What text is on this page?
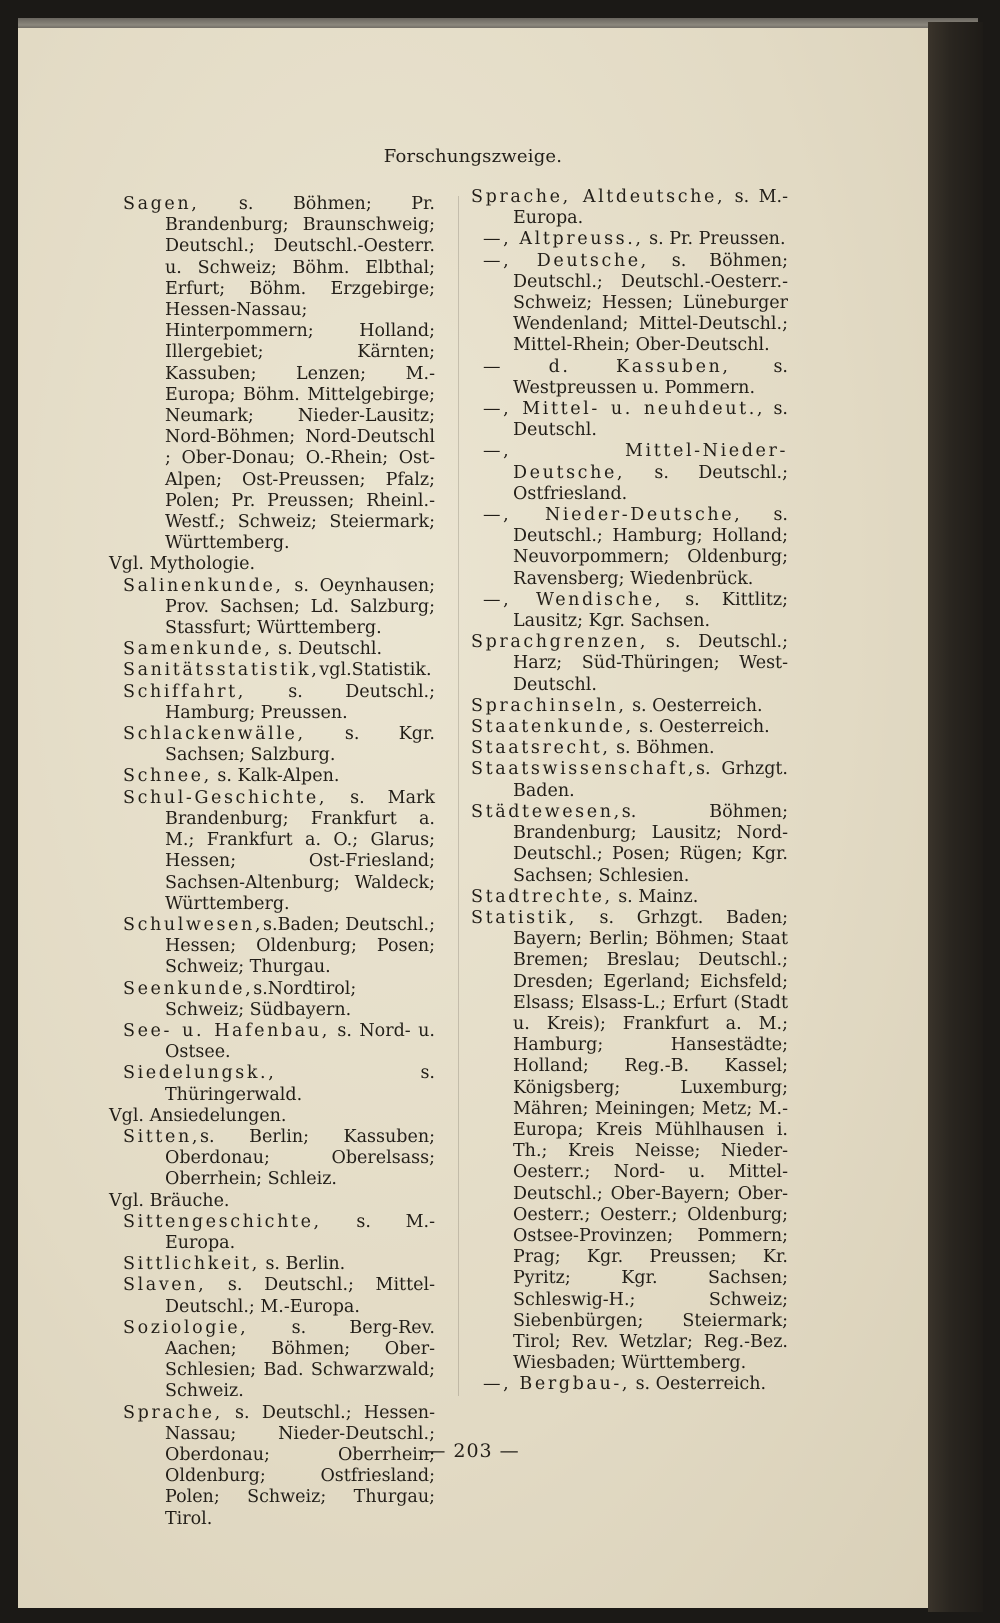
Forschungszweige.

Sagen, s. Böhmen; Pr. Brandenburg; Braunschweig; Deutschl.; Deutschl.-Oesterr. u. Schweiz; Böhm. Elbthal; Erfurt; Böhm. Erzgebirge; Hessen-Nassau; Hinterpommern; Holland; Illergebiet; Kärnten; Kassuben; Lenzen; M.-Europa; Böhm. Mittelgebirge; Neumark; Nieder-Lausitz; Nord-Böhmen; Nord-Deutschl ; Ober-Donau; O.-Rhein; Ost-Alpen; Ost-Preussen; Pfalz; Polen; Pr. Preussen; Rheinl.-Westf.; Schweiz; Steiermark; Württemberg.

Vgl. Mythologie.

Salinenkunde, s. Oeynhausen; Prov. Sachsen; Ld. Salzburg; Stassfurt; Württemberg.

Samenkunde, s. Deutschl.

Sanitätsstatistik,vgl.Statistik.

Schiffahrt, s. Deutschl.; Hamburg; Preussen.

Schlackenwälle, s. Kgr. Sachsen; Salzburg.

Schnee, s. Kalk-Alpen.

Schul-Geschichte, s. Mark Brandenburg; Frankfurt a. M.; Frankfurt a. O.; Glarus; Hessen; Ost-Friesland; Sachsen-Altenburg; Waldeck; Württemberg.

Schulwesen,s.Baden; Deutschl.; Hessen; Oldenburg; Posen; Schweiz; Thurgau.

Seenkunde,s.Nordtirol; Schweiz; Südbayern.

See- u. Hafenbau, s. Nord- u. Ostsee.

Siedelungsk., s. Thüringerwald.

Vgl. Ansiedelungen.

Sitten,s. Berlin; Kassuben; Oberdonau; Oberelsass; Oberrhein; Schleiz.

Vgl. Bräuche.

Sittengeschichte, s. M.-Europa.

Sittlichkeit, s. Berlin.

Slaven, s. Deutschl.; Mittel-Deutschl.; M.-Europa.

Soziologie, s. Berg-Rev. Aachen; Böhmen; Ober-Schlesien; Bad. Schwarzwald; Schweiz.

Sprache, s. Deutschl.; Hessen-Nassau; Nieder-Deutschl.; Oberdonau; Oberrhein; Oldenburg; Ostfriesland; Polen; Schweiz; Thurgau; Tirol.

Sprache, Altdeutsche, s. M.-Europa.

—, Altpreuss., s. Pr. Preussen.

—, Deutsche, s. Böhmen; Deutschl.; Deutschl.-Oesterr.-Schweiz; Hessen; Lüneburger Wendenland; Mittel-Deutschl.; Mittel-Rhein; Ober-Deutschl.

— d. Kassuben, s. Westpreussen u. Pommern.

—, Mittel- u. neuhdeut., s. Deutschl.

—, Mittel-Nieder-Deutsche, s. Deutschl.; Ostfriesland.

—, Nieder-Deutsche, s. Deutschl.; Hamburg; Holland; Neuvorpommern; Oldenburg; Ravensberg; Wiedenbrück.

—, Wendische, s. Kittlitz; Lausitz; Kgr. Sachsen.

Sprachgrenzen, s. Deutschl.; Harz; Süd-Thüringen; West-Deutschl.

Sprachinseln, s. Oesterreich.

Staatenkunde, s. Oesterreich.

Staatsrecht, s. Böhmen.

Staatswissenschaft,s. Grhzgt. Baden.

Städtewesen,s. Böhmen; Brandenburg; Lausitz; Nord-Deutschl.; Posen; Rügen; Kgr. Sachsen; Schlesien.

Stadtrechte, s. Mainz.

Statistik, s. Grhzgt. Baden; Bayern; Berlin; Böhmen; Staat Bremen; Breslau; Deutschl.; Dresden; Egerland; Eichsfeld; Elsass; Elsass-L.; Erfurt (Stadt u. Kreis); Frankfurt a. M.; Hamburg; Hansestädte; Holland; Reg.-B. Kassel; Königsberg; Luxemburg; Mähren; Meiningen; Metz; M.-Europa; Kreis Mühlhausen i. Th.; Kreis Neisse; Nieder-Oesterr.; Nord- u. Mittel-Deutschl.; Ober-Bayern; Ober-Oesterr.; Oesterr.; Oldenburg; Ostsee-Provinzen; Pommern; Prag; Kgr. Preussen; Kr. Pyritz; Kgr. Sachsen; Schleswig-H.; Schweiz; Siebenbürgen; Steiermark; Tirol; Rev. Wetzlar; Reg.-Bez. Wiesbaden; Württemberg.

—, Bergbau-, s. Oesterreich.

— 203 —
